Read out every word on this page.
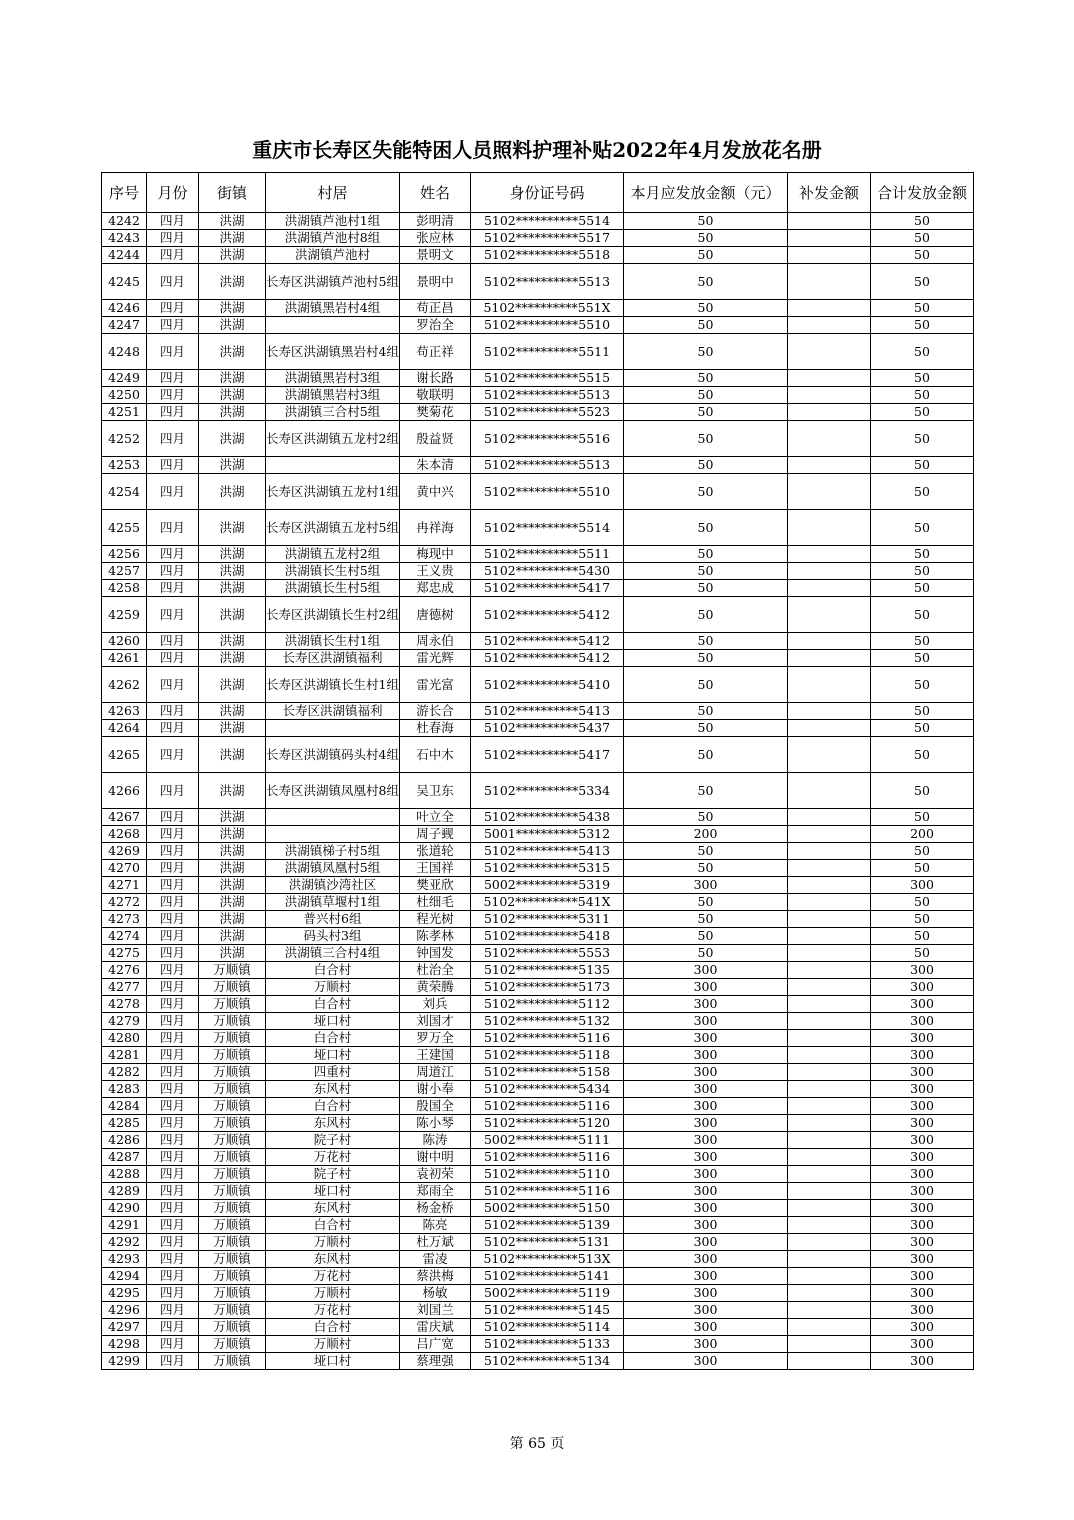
重庆市长寿区失能特困人员照料护理补贴2022年4月发放花名册
序号	月份	街镇	村居	姓名	身份证号码	本月应发放金额（元）	补发金额	合计发放金额
4242	四月	洪湖	洪湖镇芦池村1组	彭明清	5102**********5514	50		50
4243	四月	洪湖	洪湖镇芦池村8组	张应林	5102**********5517	50		50
4244	四月	洪湖	洪湖镇芦池村	景明文	5102**********5518	50		50
4245	四月	洪湖	长寿区洪湖镇芦池村5组	景明中	5102**********5513	50		50
4246	四月	洪湖	洪湖镇黑岩村4组	苟正昌	5102**********551X	50		50
4247	四月	洪湖		罗治全	5102**********5510	50		50
4248	四月	洪湖	长寿区洪湖镇黑岩村4组	苟正祥	5102**********5511	50		50
4249	四月	洪湖	洪湖镇黑岩村3组	谢长路	5102**********5515	50		50
4250	四月	洪湖	洪湖镇黑岩村3组	敬联明	5102**********5513	50		50
4251	四月	洪湖	洪湖镇三合村5组	樊菊花	5102**********5523	50		50
4252	四月	洪湖	长寿区洪湖镇五龙村2组	殷益贤	5102**********5516	50		50
4253	四月	洪湖		朱本清	5102**********5513	50		50
4254	四月	洪湖	长寿区洪湖镇五龙村1组	黄中兴	5102**********5510	50		50
4255	四月	洪湖	长寿区洪湖镇五龙村5组	冉祥海	5102**********5514	50		50
4256	四月	洪湖	洪湖镇五龙村2组	梅现中	5102**********5511	50		50
4257	四月	洪湖	洪湖镇长生村5组	王义贵	5102**********5430	50		50
4258	四月	洪湖	洪湖镇长生村5组	郑忠成	5102**********5417	50		50
4259	四月	洪湖	长寿区洪湖镇长生村2组	唐德树	5102**********5412	50		50
4260	四月	洪湖	洪湖镇长生村1组	周永伯	5102**********5412	50		50
4261	四月	洪湖	长寿区洪湖镇福利	雷光辉	5102**********5412	50		50
4262	四月	洪湖	长寿区洪湖镇长生村1组	雷光富	5102**********5410	50		50
4263	四月	洪湖	长寿区洪湖镇福利	游长合	5102**********5413	50		50
4264	四月	洪湖		杜春海	5102**********5437	50		50
4265	四月	洪湖	长寿区洪湖镇码头村4组	石中木	5102**********5417	50		50
4266	四月	洪湖	长寿区洪湖镇凤凰村8组	吴卫东	5102**********5334	50		50
4267	四月	洪湖		叶立全	5102**********5438	50		50
4268	四月	洪湖		周子觋	5001**********5312	200		200
4269	四月	洪湖	洪湖镇梯子村5组	张道轮	5102**********5413	50		50
4270	四月	洪湖	洪湖镇凤凰村5组	王国祥	5102**********5315	50		50
4271	四月	洪湖	洪湖镇沙湾社区	樊亚欣	5002**********5319	300		300
4272	四月	洪湖	洪湖镇草堰村1组	杜细毛	5102**********541X	50		50
4273	四月	洪湖	普兴村6组	程光树	5102**********5311	50		50
4274	四月	洪湖	码头村3组	陈孝林	5102**********5418	50		50
4275	四月	洪湖	洪湖镇三合村4组	钟国发	5102**********5553	50		50
4276	四月	万顺镇	白合村	杜治全	5102**********5135	300		300
4277	四月	万顺镇	万顺村	黄荣腾	5102**********5173	300		300
4278	四月	万顺镇	白合村	刘兵	5102**********5112	300		300
4279	四月	万顺镇	垭口村	刘国才	5102**********5132	300		300
4280	四月	万顺镇	白合村	罗万全	5102**********5116	300		300
4281	四月	万顺镇	垭口村	王建国	5102**********5118	300		300
4282	四月	万顺镇	四重村	周道江	5102**********5158	300		300
4283	四月	万顺镇	东风村	谢小奉	5102**********5434	300		300
4284	四月	万顺镇	白合村	殷国全	5102**********5116	300		300
4285	四月	万顺镇	东风村	陈小琴	5102**********5120	300		300
4286	四月	万顺镇	院子村	陈涛	5002**********5111	300		300
4287	四月	万顺镇	万花村	谢中明	5102**********5116	300		300
4288	四月	万顺镇	院子村	袁初荣	5102**********5110	300		300
4289	四月	万顺镇	垭口村	郑雨全	5102**********5116	300		300
4290	四月	万顺镇	东风村	杨金桥	5002**********5150	300		300
4291	四月	万顺镇	白合村	陈亮	5102**********5139	300		300
4292	四月	万顺镇	万顺村	杜万斌	5102**********5131	300		300
4293	四月	万顺镇	东风村	雷凌	5102**********513X	300		300
4294	四月	万顺镇	万花村	蔡洪梅	5102**********5141	300		300
4295	四月	万顺镇	万顺村	杨敏	5002**********5119	300		300
4296	四月	万顺镇	万花村	刘国兰	5102**********5145	300		300
4297	四月	万顺镇	白合村	雷庆斌	5102**********5114	300		300
4298	四月	万顺镇	万顺村	吕广宽	5102**********5133	300		300
4299	四月	万顺镇	垭口村	蔡理强	5102**********5134	300		300
第 65 页
